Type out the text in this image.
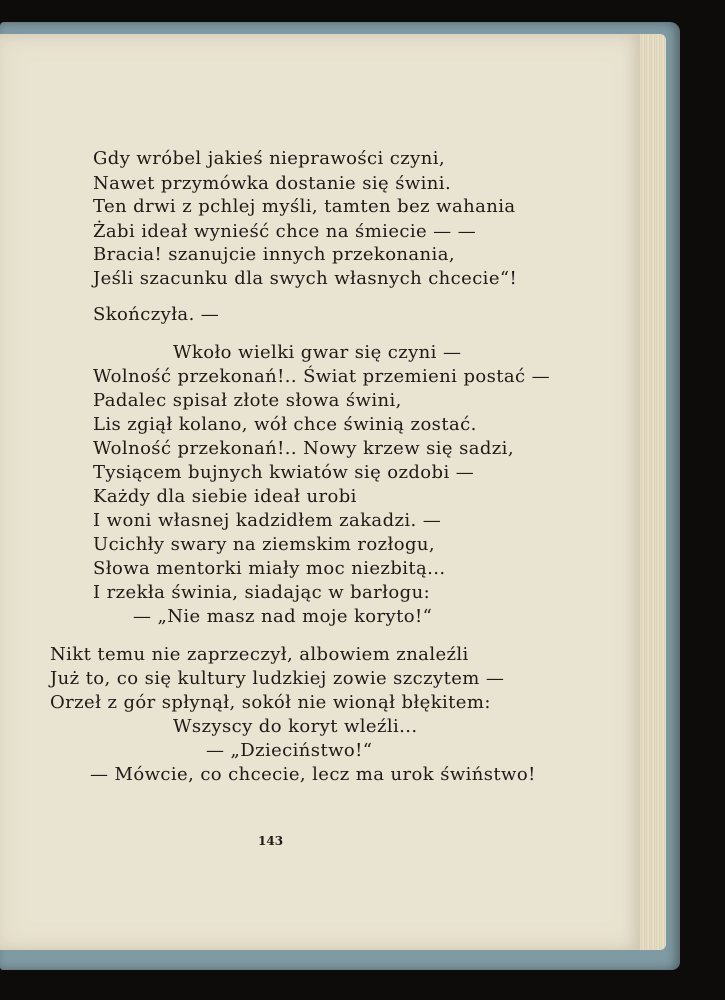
Gdy wróbel jakieś nieprawości czyni,
Nawet przymówka dostanie się świni.
Ten drwi z pchlej myśli, tamten bez wahania
Żabi ideał wynieść chce na śmiecie — —
Bracia! szanujcie innych przekonania,
Jeśli szacunku dla swych własnych chcecie“!
Skończyła. —
Wkoło wielki gwar się czyni —
Wolność przekonań!.. Świat przemieni postać —
Padalec spisał złote słowa świni,
Lis zgiął kolano, wół chce świnią zostać.
Wolność przekonań!.. Nowy krzew się sadzi,
Tysiącem bujnych kwiatów się ozdobi —
Każdy dla siebie ideał urobi
I woni własnej kadzidłem zakadzi. —
Ucichły swary na ziemskim rozłogu,
Słowa mentorki miały moc niezbitą...
I rzekła świnia, siadając w barłogu:
— „Nie masz nad moje koryto!“
Nikt temu nie zaprzeczył, albowiem znaleźli
Już to, co się kultury ludzkiej zowie szczytem —
Orzeł z gór spłynął, sokół nie wionął błękitem:
Wszyscy do koryt wleźli...
— „Dzieciństwo!“
— Mówcie, co chcecie, lecz ma urok świństwo!
143
